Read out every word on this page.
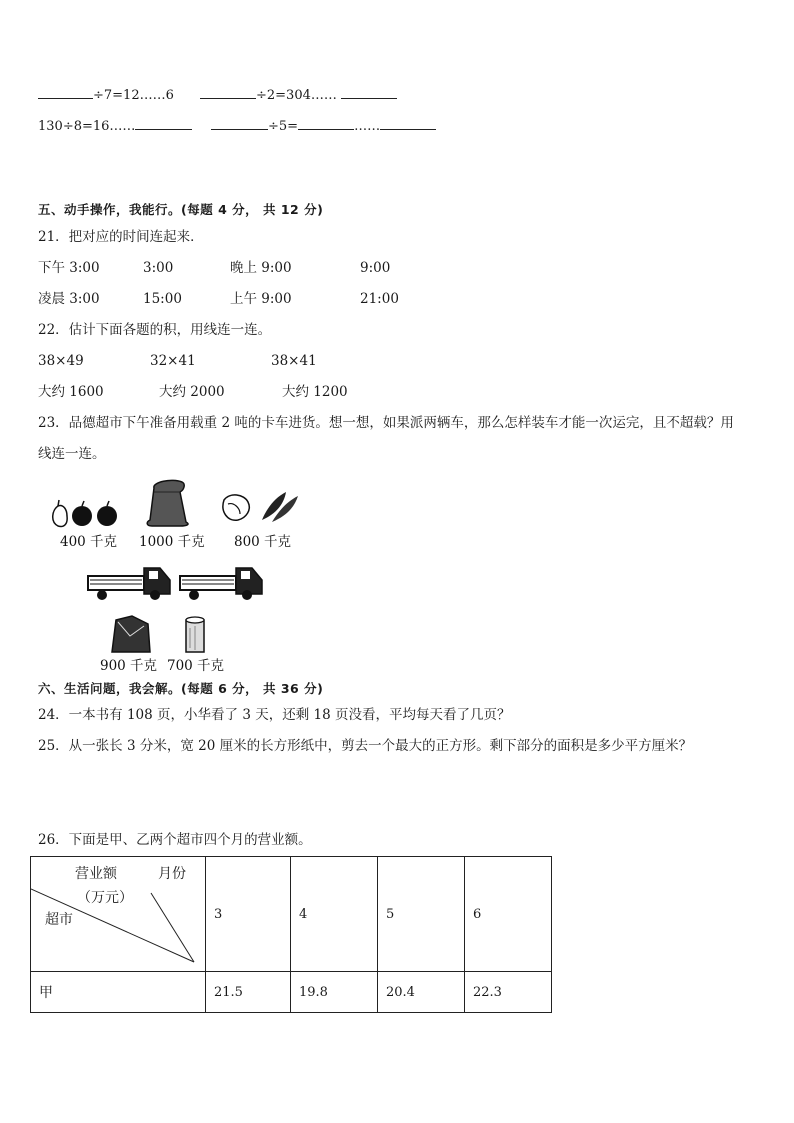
÷7=12……6	÷2=304……
130÷8=16……	÷5=	……
五、动手操作，我能行。(每题 4 分， 共 12 分)
21．把对应的时间连起来．
下午 3:00	3:00	晚上 9:00	9:00
凌晨 3:00	15:00	上午 9:00	21:00
22．估计下面各题的积，用线连一连。
38×49	32×41	38×41
大约 1600	大约 2000	大约 1200
23．品德超市下午准备用载重 2 吨的卡车进货。想一想，如果派两辆车，那么怎样装车才能一次运完，且不超载？用
线连一连。
400 千克 1000 千克 800 千克
900 千克 700 千克
六、生活问题，我会解。(每题 6 分， 共 36 分)
24．一本书有 108 页，小华看了 3 天，还剩 18 页没看，平均每天看了几页？
25．从一张长 3 分米，宽 20 厘米的长方形纸中，剪去一个最大的正方形。剩下部分的面积是多少平方厘米？
26．下面是甲、乙两个超市四个月的营业额。
营业额 月份
（万元）
超市	3	4	5	6
甲	21.5	19.8	20.4	22.3
